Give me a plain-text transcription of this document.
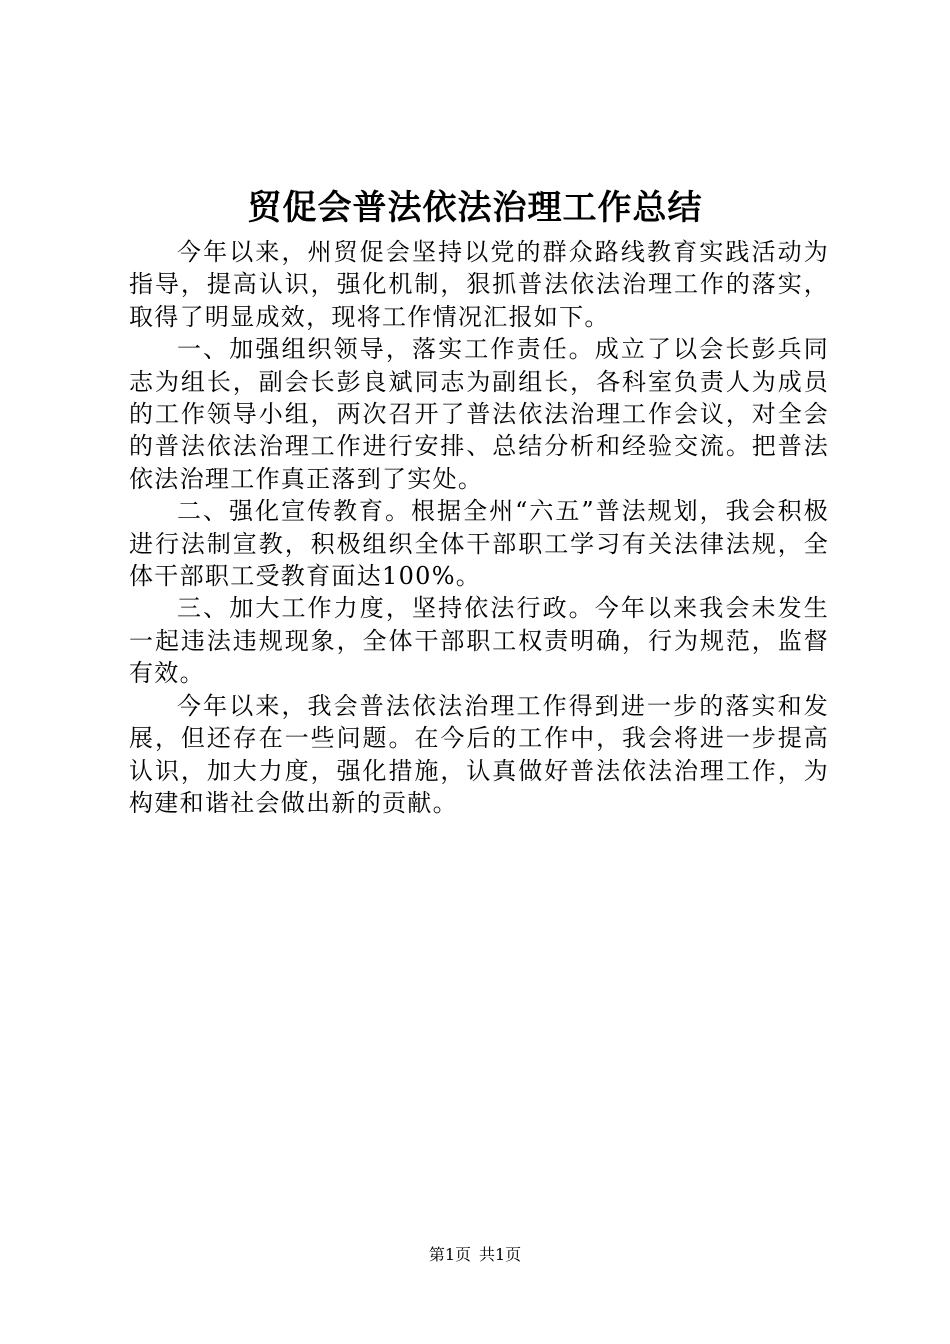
贸促会普法依法治理工作总结

今年以来，州贸促会坚持以党的群众路线教育实践活动为指导，提高认识，强化机制，狠抓普法依法治理工作的落实，取得了明显成效，现将工作情况汇报如下。

一、加强组织领导，落实工作责任。成立了以会长彭兵同志为组长，副会长彭良斌同志为副组长，各科室负责人为成员的工作领导小组，两次召开了普法依法治理工作会议，对全会的普法依法治理工作进行安排、总结分析和经验交流。把普法依法治理工作真正落到了实处。

二、强化宣传教育。根据全州“六五”普法规划，我会积极进行法制宣教，积极组织全体干部职工学习有关法律法规，全体干部职工受教育面达100%。

三、加大工作力度，坚持依法行政。今年以来我会未发生一起违法违规现象，全体干部职工权责明确，行为规范，监督有效。

今年以来，我会普法依法治理工作得到进一步的落实和发展，但还存在一些问题。在今后的工作中，我会将进一步提高认识，加大力度，强化措施，认真做好普法依法治理工作，为构建和谐社会做出新的贡献。

第1页 共1页
